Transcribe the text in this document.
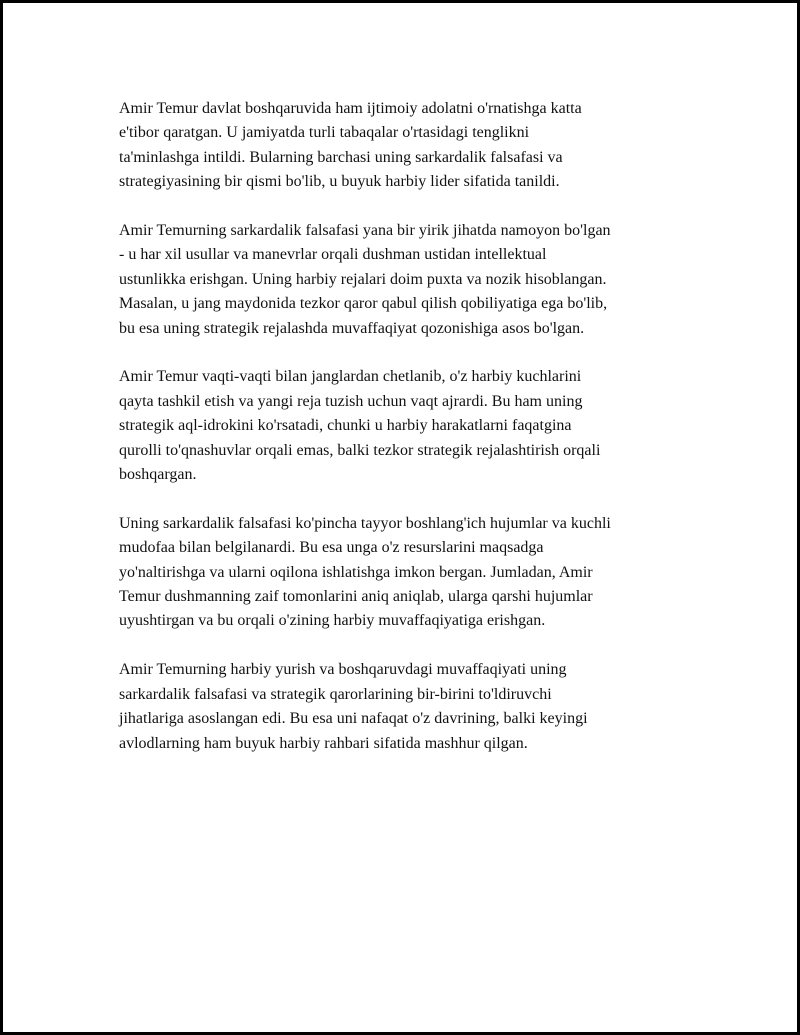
Amir Temur davlat boshqaruvida ham ijtimoiy adolatni o'rnatishga katta
e'tibor qaratgan. U jamiyatda turli tabaqalar o'rtasidagi tenglikni
ta'minlashga intildi. Bularning barchasi uning sarkardalik falsafasi va
strategiyasining bir qismi bo'lib, u buyuk harbiy lider sifatida tanildi.

Amir Temurning sarkardalik falsafasi yana bir yirik jihatda namoyon bo'lgan
- u har xil usullar va manevrlar orqali dushman ustidan intellektual
ustunlikka erishgan. Uning harbiy rejalari doim puxta va nozik hisoblangan.
Masalan, u jang maydonida tezkor qaror qabul qilish qobiliyatiga ega bo'lib,
bu esa uning strategik rejalashda muvaffaqiyat qozonishiga asos bo'lgan.

Amir Temur vaqti-vaqti bilan janglardan chetlanib, o'z harbiy kuchlarini
qayta tashkil etish va yangi reja tuzish uchun vaqt ajrardi. Bu ham uning
strategik aql-idrokini ko'rsatadi, chunki u harbiy harakatlarni faqatgina
qurolli to'qnashuvlar orqali emas, balki tezkor strategik rejalashtirish orqali
boshqargan.

Uning sarkardalik falsafasi ko'pincha tayyor boshlang'ich hujumlar va kuchli
mudofaa bilan belgilanardi. Bu esa unga o'z resurslarini maqsadga
yo'naltirishga va ularni oqilona ishlatishga imkon bergan. Jumladan, Amir
Temur dushmanning zaif tomonlarini aniq aniqlab, ularga qarshi hujumlar
uyushtirgan va bu orqali o'zining harbiy muvaffaqiyatiga erishgan.

Amir Temurning harbiy yurish va boshqaruvdagi muvaffaqiyati uning
sarkardalik falsafasi va strategik qarorlarining bir-birini to'ldiruvchi
jihatlariga asoslangan edi. Bu esa uni nafaqat o'z davrining, balki keyingi
avlodlarning ham buyuk harbiy rahbari sifatida mashhur qilgan.
